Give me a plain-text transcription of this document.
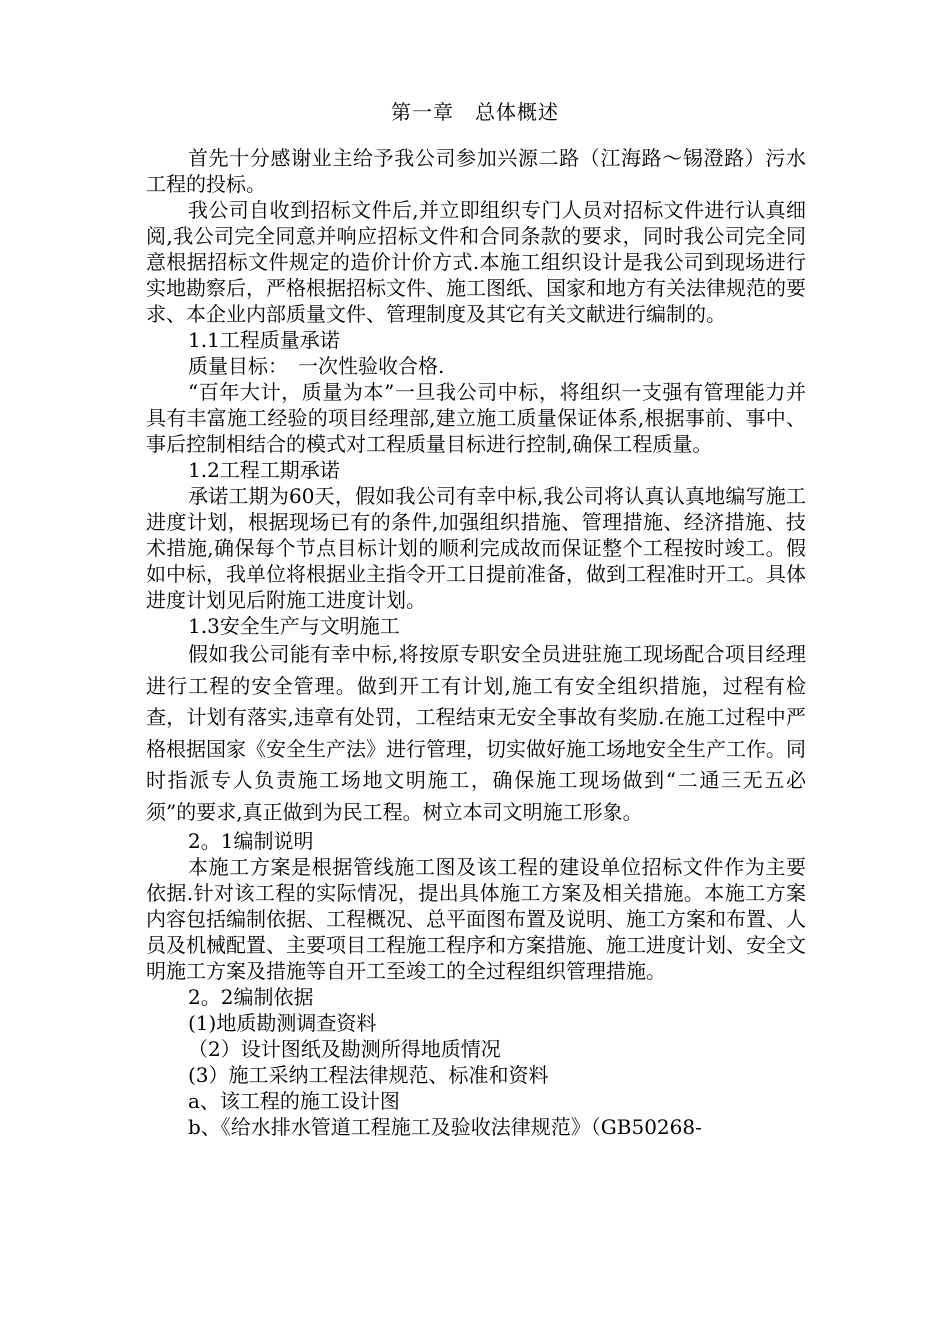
第一章　总体概述

首先十分感谢业主给予我公司参加兴源二路（江海路～锡澄路）污水工程的投标。

我公司自收到招标文件后,并立即组织专门人员对招标文件进行认真细阅,我公司完全同意并响应招标文件和合同条款的要求，同时我公司完全同意根据招标文件规定的造价计价方式.本施工组织设计是我公司到现场进行实地勘察后，严格根据招标文件、施工图纸、国家和地方有关法律规范的要求、本企业内部质量文件、管理制度及其它有关文献进行编制的。

1.1工程质量承诺

质量目标：　一次性验收合格.

“百年大计，质量为本”一旦我公司中标，将组织一支强有管理能力并具有丰富施工经验的项目经理部,建立施工质量保证体系,根据事前、事中、事后控制相结合的模式对工程质量目标进行控制,确保工程质量。

1.2工程工期承诺

承诺工期为60天，假如我公司有幸中标,我公司将认真认真地编写施工进度计划，根据现场已有的条件,加强组织措施、管理措施、经济措施、技术措施,确保每个节点目标计划的顺利完成故而保证整个工程按时竣工。假如中标，我单位将根据业主指令开工日提前准备，做到工程准时开工。具体进度计划见后附施工进度计划。

1.3安全生产与文明施工

假如我公司能有幸中标,将按原专职安全员进驻施工现场配合项目经理进行工程的安全管理。做到开工有计划,施工有安全组织措施，过程有检查，计划有落实,违章有处罚，工程结束无安全事故有奖励.在施工过程中严格根据国家《安全生产法》进行管理，切实做好施工场地安全生产工作。同时指派专人负责施工场地文明施工，确保施工现场做到“二通三无五必须”的要求,真正做到为民工程。树立本司文明施工形象。

2。1编制说明

本施工方案是根据管线施工图及该工程的建设单位招标文件作为主要依据.针对该工程的实际情况，提出具体施工方案及相关措施。本施工方案内容包括编制依据、工程概况、总平面图布置及说明、施工方案和布置、人员及机械配置、主要项目工程施工程序和方案措施、施工进度计划、安全文明施工方案及措施等自开工至竣工的全过程组织管理措施。

2。2编制依据

(1)地质勘测调查资料

（2）设计图纸及勘测所得地质情况

(3）施工采纳工程法律规范、标准和资料

a、该工程的施工设计图

b、《给水排水管道工程施工及验收法律规范》（GB50268-
